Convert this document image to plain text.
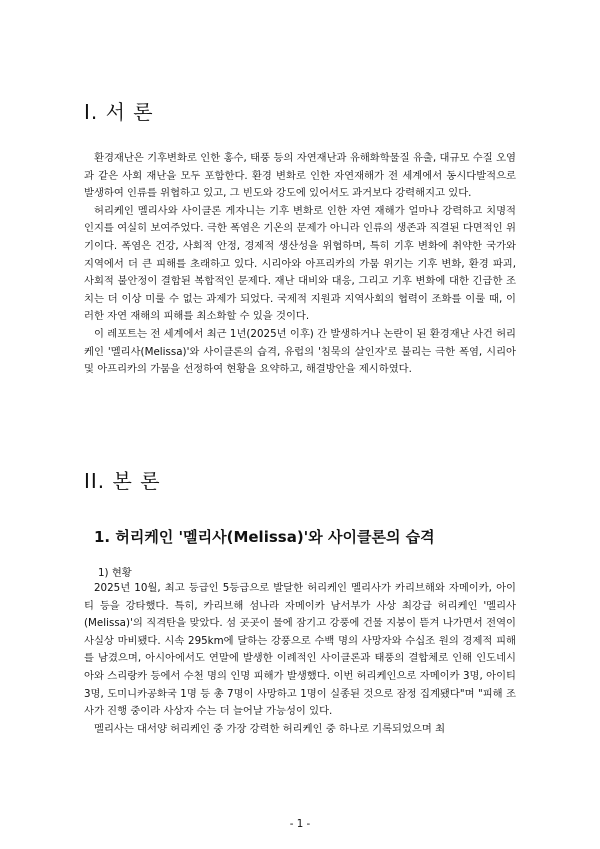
I. 서 론

환경재난은 기후변화로 인한 홍수, 태풍 등의 자연재난과 유해화학물질 유출, 대규모 수질 오염과 같은 사회 재난을 모두 포함한다. 환경 변화로 인한 자연재해가 전 세계에서 동시다발적으로 발생하여 인류를 위협하고 있고, 그 빈도와 강도에 있어서도 과거보다 강력해지고 있다.

허리케인 멜리사와 사이클론 게자니는 기후 변화로 인한 자연 재해가 얼마나 강력하고 치명적인지를 여실히 보여주었다. 극한 폭염은 기온의 문제가 아니라 인류의 생존과 직결된 다면적인 위기이다. 폭염은 건강, 사회적 안정, 경제적 생산성을 위협하며, 특히 기후 변화에 취약한 국가와 지역에서 더 큰 피해를 초래하고 있다. 시리아와 아프리카의 가뭄 위기는 기후 변화, 환경 파괴, 사회적 불안정이 결합된 복합적인 문제다. 재난 대비와 대응, 그리고 기후 변화에 대한 긴급한 조치는 더 이상 미룰 수 없는 과제가 되었다. 국제적 지원과 지역사회의 협력이 조화를 이룰 때, 이러한 자연 재해의 피해를 최소화할 수 있을 것이다.

이 레포트는 전 세계에서 최근 1년(2025년 이후) 간 발생하거나 논란이 된 환경재난 사건 허리케인 '멜리사(Melissa)'와 사이클론의 습격, 유럽의 '침묵의 살인자'로 불리는 극한 폭염, 시리아 및 아프리카의 가뭄을 선정하여 현황을 요약하고, 해결방안을 제시하였다.

II. 본 론
1. 허리케인 '멜리사(Melissa)'와 사이클론의 습격
1) 현황

2025년 10월, 최고 등급인 5등급으로 발달한 허리케인 멜리사가 카리브해와 자메이카, 아이티 등을 강타했다. 특히, 카리브해 섬나라 자메이카 남서부가 사상 최강급 허리케인 '멜리사(Melissa)'의 직격탄을 맞았다. 섬 곳곳이 물에 잠기고 강풍에 건물 지붕이 뜯겨 나가면서 전역이 사실상 마비됐다. 시속 295km에 달하는 강풍으로 수백 명의 사망자와 수십조 원의 경제적 피해를 남겼으며, 아시아에서도 연말에 발생한 이례적인 사이클론과 태풍의 결합체로 인해 인도네시아와 스리랑카 등에서 수천 명의 인명 피해가 발생했다. 이번 허리케인으로 자메이카 3명, 아이티 3명, 도미니카공화국 1명 등 총 7명이 사망하고 1명이 실종된 것으로 잠정 집계됐다"며 "피해 조사가 진행 중이라 사상자 수는 더 늘어날 가능성이 있다.

멜리사는 대서양 허리케인 중 가장 강력한 허리케인 중 하나로 기록되었으며 최

- 1 -
